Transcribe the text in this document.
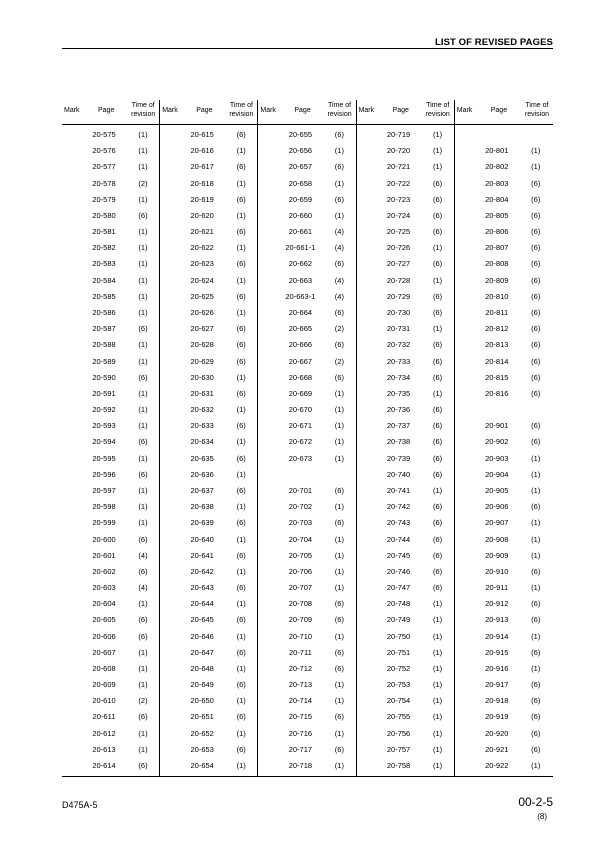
LIST OF REVISED PAGES
Mark	Page
Time of
revision
20-575	(1)
20-576	(1)
20-577	(1)
20-578	(2)
20-579	(1)
20-580	(6)
20-581	(1)
20-582	(1)
20-583	(1)
20-584	(1)
20-585	(1)
20-586	(1)
20-587	(6)
20-588	(1)
20-589	(1)
20-590	(6)
20-591	(1)
20-592	(1)
20-593	(1)
20-594	(6)
20-595	(1)
20-596	(6)
20-597	(1)
20-598	(1)
20-599	(1)
20-600	(6)
20-601	(4)
20-602	(6)
20-603	(4)
20-604	(1)
20-605	(6)
20-606	(6)
20-607	(1)
20-608	(1)
20-609	(1)
20-610	(2)
20-611	(6)
20-612	(1)
20-613	(1)
20-614	(6)
Mark	Page
Time of
revision
20-615	(6)
20-616	(1)
20-617	(6)
20-618	(1)
20-619	(6)
20-620	(1)
20-621	(6)
20-622	(1)
20-623	(6)
20-624	(1)
20-625	(6)
20-626	(1)
20-627	(6)
20-628	(6)
20-629	(6)
20-630	(1)
20-631	(6)
20-632	(1)
20-633	(6)
20-634	(1)
20-635	(6)
20-636	(1)
20-637	(6)
20-638	(1)
20-639	(6)
20-640	(1)
20-641	(6)
20-642	(1)
20-643	(6)
20-644	(1)
20-645	(6)
20-646	(1)
20-647	(6)
20-648	(1)
20-649	(6)
20-650	(1)
20-651	(6)
20-652	(1)
20-653	(6)
20-654	(1)
Mark	Page
Time of
revision
20-655	(6)
20-656	(1)
20-657	(6)
20-658	(1)
20-659	(6)
20-660	(1)
20-661	(4)
20-661-1	(4)
20-662	(6)
20-663	(4)
20-663-1	(4)
20-664	(6)
20-665	(2)
20-666	(6)
20-667	(2)
20-668	(6)
20-669	(1)
20-670	(1)
20-671	(1)
20-672	(1)
20-673	(1)
20-701	(6)
20-702	(1)
20-703	(6)
20-704	(1)
20-705	(1)
20-706	(1)
20-707	(1)
20-708	(6)
20-709	(6)
20-710	(1)
20-711	(6)
20-712	(6)
20-713	(1)
20-714	(1)
20-715	(6)
20-716	(1)
20-717	(6)
20-718	(1)
Mark	Page
Time of
revision
20-719	(1)
20-720	(1)
20-721	(1)
20-722	(6)
20-723	(6)
20-724	(6)
20-725	(6)
20-726	(1)
20-727	(6)
20-728	(1)
20-729	(6)
20-730	(6)
20-731	(1)
20-732	(6)
20-733	(6)
20-734	(6)
20-735	(1)
20-736	(6)
20-737	(6)
20-738	(6)
20-739	(6)
20-740	(6)
20-741	(1)
20-742	(6)
20-743	(6)
20-744	(6)
20-745	(6)
20-746	(6)
20-747	(6)
20-748	(1)
20-749	(1)
20-750	(1)
20-751	(1)
20-752	(1)
20-753	(1)
20-754	(1)
20-755	(1)
20-756	(1)
20-757	(1)
20-758	(1)
Mark	Page
Time of
revision
20-801	(1)
20-802	(1)
20-803	(6)
20-804	(6)
20-805	(6)
20-806	(6)
20-807	(6)
20-808	(6)
20-809	(6)
20-810	(6)
20-811	(6)
20-812	(6)
20-813	(6)
20-814	(6)
20-815	(6)
20-816	(6)
20-901	(6)
20-902	(6)
20-903	(1)
20-904	(1)
20-905	(1)
20-906	(6)
20-907	(1)
20-908	(1)
20-909	(1)
20-910	(6)
20-911	(1)
20-912	(6)
20-913	(6)
20-914	(1)
20-915	(6)
20-916	(1)
20-917	(6)
20-918	(6)
20-919	(6)
20-920	(6)
20-921	(6)
20-922	(1)
D475A-5	00-2-5
(8)
